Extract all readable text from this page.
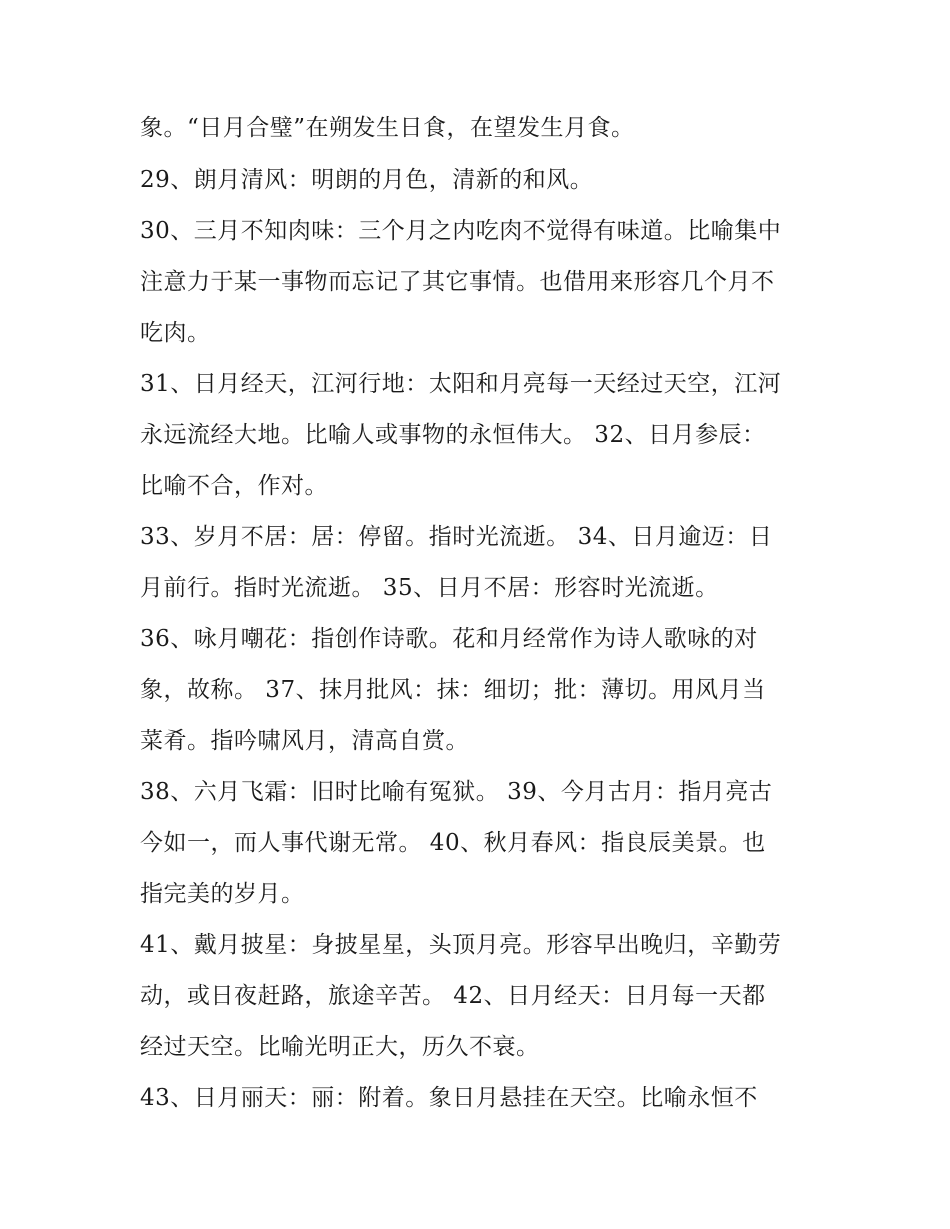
象。“日月合璧”在朔发生日食，在望发生月食。
29、朗月清风：明朗的月色，清新的和风。
30、三月不知肉味：三个月之内吃肉不觉得有味道。比喻集中
注意力于某一事物而忘记了其它事情。也借用来形容几个月不
吃肉。
31、日月经天，江河行地：太阳和月亮每一天经过天空，江河
永远流经大地。比喻人或事物的永恒伟大。 32、日月参辰：
比喻不合，作对。
33、岁月不居：居：停留。指时光流逝。 34、日月逾迈：日
月前行。指时光流逝。 35、日月不居：形容时光流逝。
36、咏月嘲花：指创作诗歌。花和月经常作为诗人歌咏的对
象，故称。 37、抹月批风：抹：细切；批：薄切。用风月当
菜肴。指吟啸风月，清高自赏。
38、六月飞霜：旧时比喻有冤狱。 39、今月古月：指月亮古
今如一，而人事代谢无常。 40、秋月春风：指良辰美景。也
指完美的岁月。
41、戴月披星：身披星星，头顶月亮。形容早出晚归，辛勤劳
动，或日夜赶路，旅途辛苦。 42、日月经天：日月每一天都
经过天空。比喻光明正大，历久不衰。
43、日月丽天：丽：附着。象日月悬挂在天空。比喻永恒不
